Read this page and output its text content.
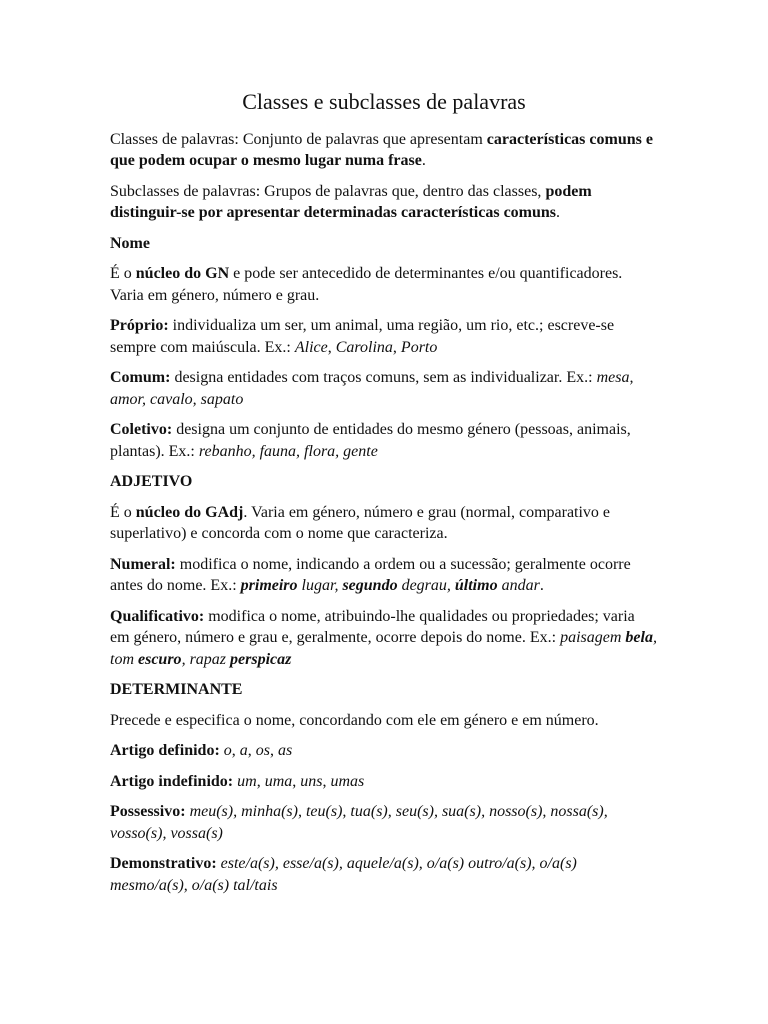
Classes e subclasses de palavras

Classes de palavras: Conjunto de palavras que apresentam características comuns e que podem ocupar o mesmo lugar numa frase.

Subclasses de palavras: Grupos de palavras que, dentro das classes, podem distinguir-se por apresentar determinadas características comuns.

Nome

É o núcleo do GN e pode ser antecedido de determinantes e/ou quantificadores. Varia em género, número e grau.

Próprio: individualiza um ser, um animal, uma região, um rio, etc.; escreve-se sempre com maiúscula. Ex.: Alice, Carolina, Porto

Comum: designa entidades com traços comuns, sem as individualizar. Ex.: mesa, amor, cavalo, sapato

Coletivo: designa um conjunto de entidades do mesmo género (pessoas, animais, plantas). Ex.: rebanho, fauna, flora, gente

ADJETIVO

É o núcleo do GAdj. Varia em género, número e grau (normal, comparativo e superlativo) e concorda com o nome que caracteriza.

Numeral: modifica o nome, indicando a ordem ou a sucessão; geralmente ocorre antes do nome. Ex.: primeiro lugar, segundo degrau, último andar.

Qualificativo: modifica o nome, atribuindo-lhe qualidades ou propriedades; varia em género, número e grau e, geralmente, ocorre depois do nome. Ex.: paisagem bela, tom escuro, rapaz perspicaz

DETERMINANTE

Precede e especifica o nome, concordando com ele em género e em número.

Artigo definido: o, a, os, as

Artigo indefinido: um, uma, uns, umas

Possessivo: meu(s), minha(s), teu(s), tua(s), seu(s), sua(s), nosso(s), nossa(s), vosso(s), vossa(s)

Demonstrativo: este/a(s), esse/a(s), aquele/a(s), o/a(s) outro/a(s), o/a(s) mesmo/a(s), o/a(s) tal/tais
